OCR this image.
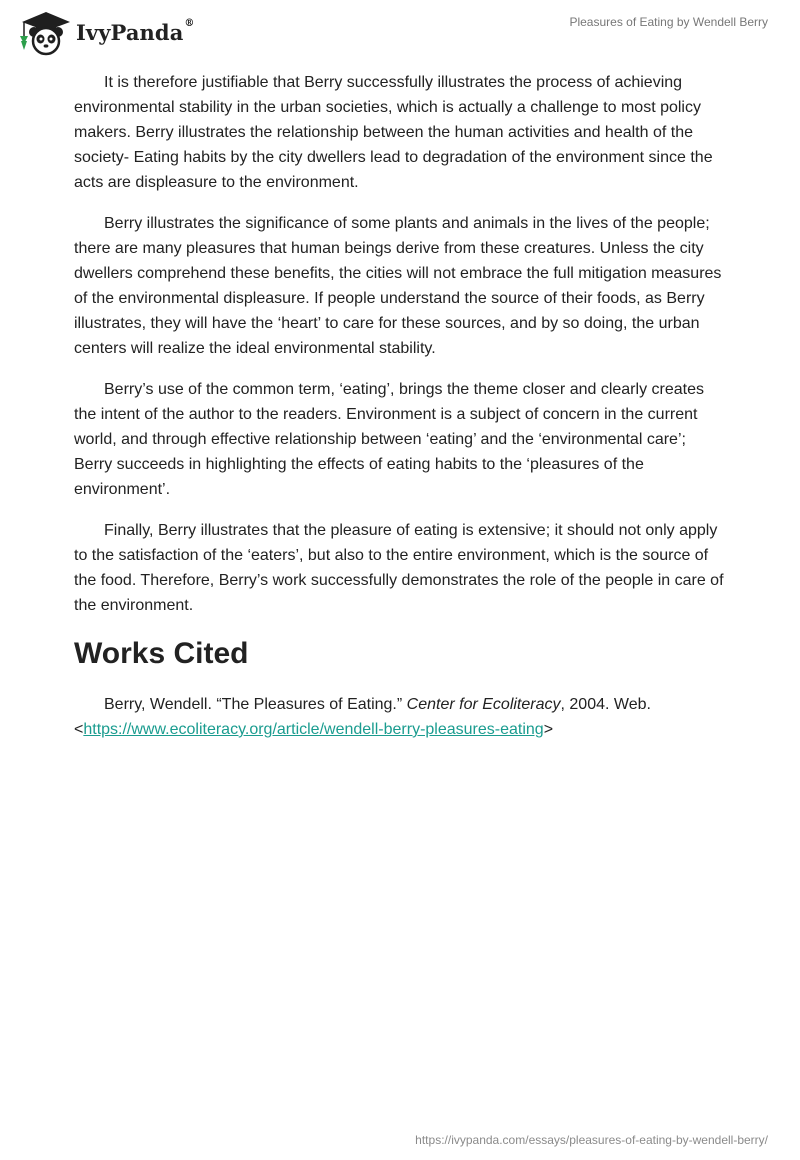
IvyPanda®	Pleasures of Eating by Wendell Berry

It is therefore justifiable that Berry successfully illustrates the process of achieving environmental stability in the urban societies, which is actually a challenge to most policy makers. Berry illustrates the relationship between the human activities and health of the society- Eating habits by the city dwellers lead to degradation of the environment since the acts are displeasure to the environment.

Berry illustrates the significance of some plants and animals in the lives of the people; there are many pleasures that human beings derive from these creatures. Unless the city dwellers comprehend these benefits, the cities will not embrace the full mitigation measures of the environmental displeasure. If people understand the source of their foods, as Berry illustrates, they will have the ‘heart’ to care for these sources, and by so doing, the urban centers will realize the ideal environmental stability.

Berry’s use of the common term, ‘eating’, brings the theme closer and clearly creates the intent of the author to the readers. Environment is a subject of concern in the current world, and through effective relationship between ‘eating’ and the ‘environmental care’; Berry succeeds in highlighting the effects of eating habits to the ‘pleasures of the environment’.

Finally, Berry illustrates that the pleasure of eating is extensive; it should not only apply to the satisfaction of the ‘eaters’, but also to the entire environment, which is the source of the food. Therefore, Berry’s work successfully demonstrates the role of the people in care of the environment.

Works Cited

Berry, Wendell. “The Pleasures of Eating.” Center for Ecoliteracy, 2004. Web. <https://www.ecoliteracy.org/article/wendell-berry-pleasures-eating>

https://ivypanda.com/essays/pleasures-of-eating-by-wendell-berry/
